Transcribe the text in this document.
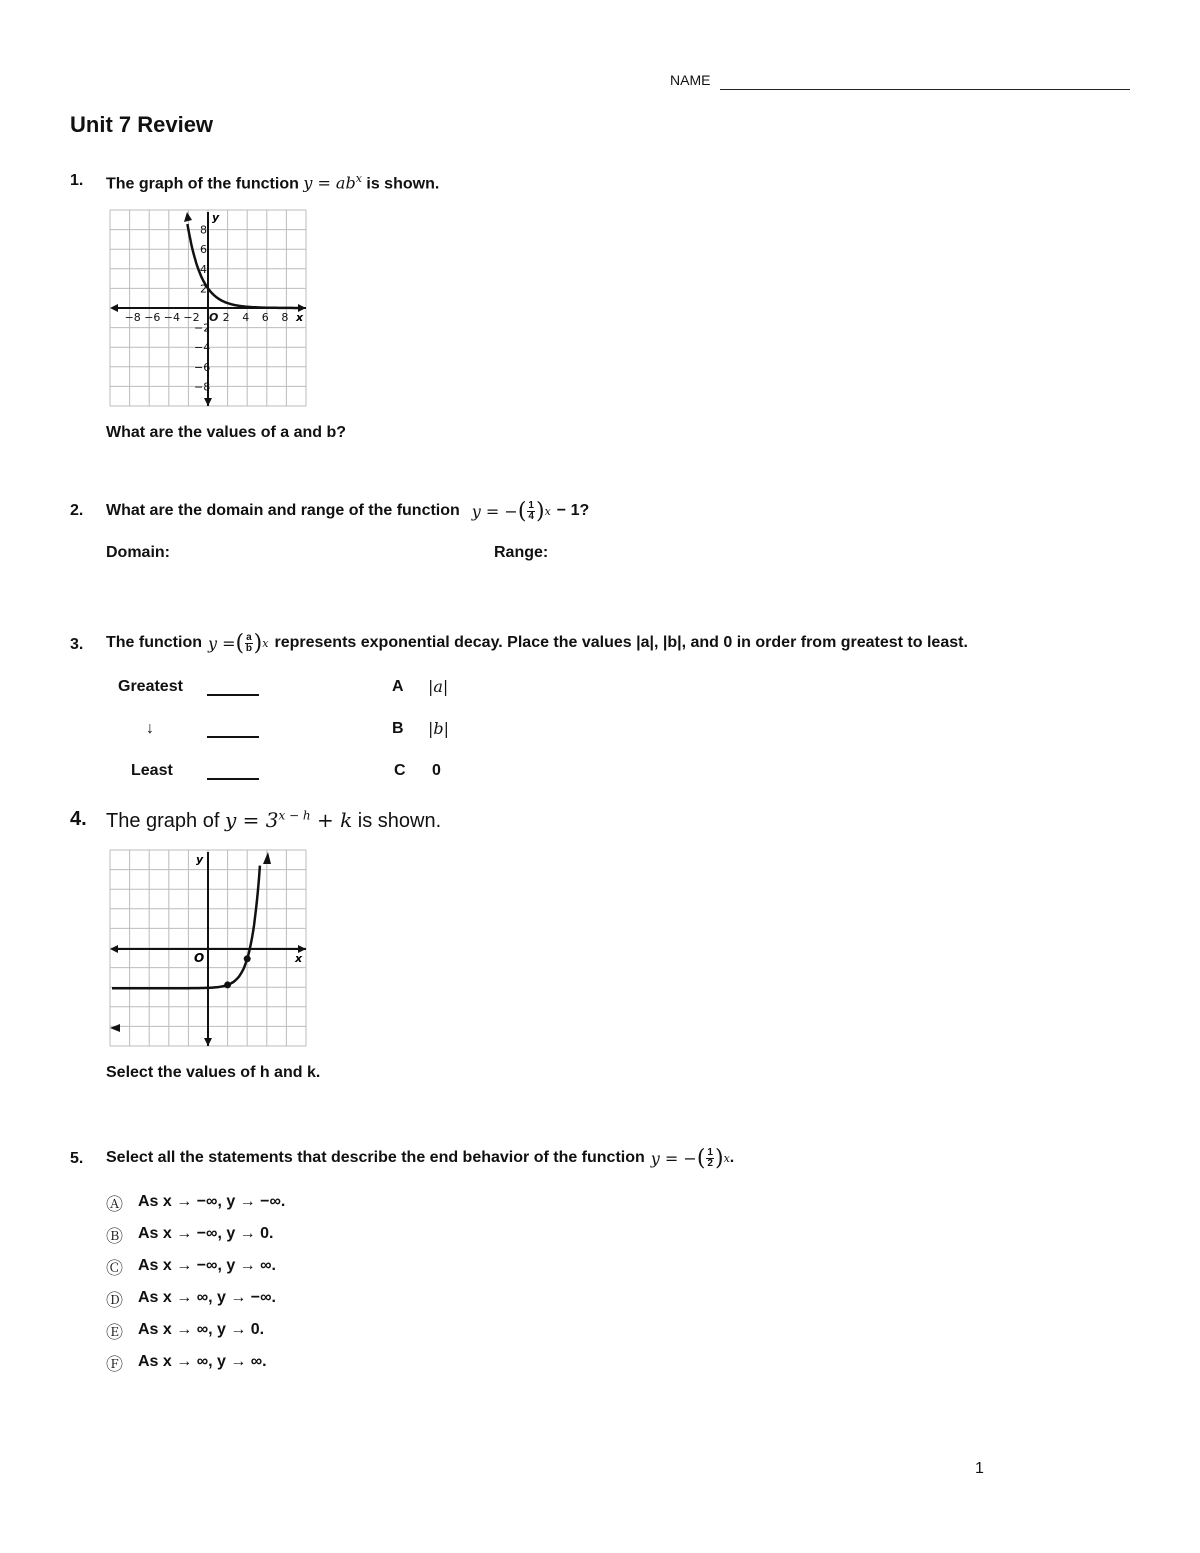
NAME
Unit 7 Review
1. The graph of the function $y = ab^x$ is shown.
−8 −6 −4 −2 O 2 4 6 8
2
4
6
8
−2
−4
−6
−8
y
x
What are the values of a and b?
2. What are the domain and range of the function y = − ( $\frac{1}{4}$ ) x − 1?
Domain:	Range:
3. The function y = ( $\frac{a}{b}$ ) x represents exponential decay. Place the values |a|, |b|, and 0 in order from greatest to least.
Greatest
↓
Least
A
B
C
|a|
|b|
0
4. The graph of $y = 3^{x - h} + k$ is shown.
y
x
O
Select the values of h and k.
5. Select all the statements that describe the end behavior of the function y = − ( $\frac{1}{2}$ ) x .
Ⓐ As x → −∞, y → −∞.
Ⓑ As x → −∞, y → 0.
Ⓒ As x → −∞, y → ∞.
Ⓓ As x → ∞, y → −∞.
Ⓔ As x → ∞, y → 0.
Ⓕ As x → ∞, y → ∞.
1
